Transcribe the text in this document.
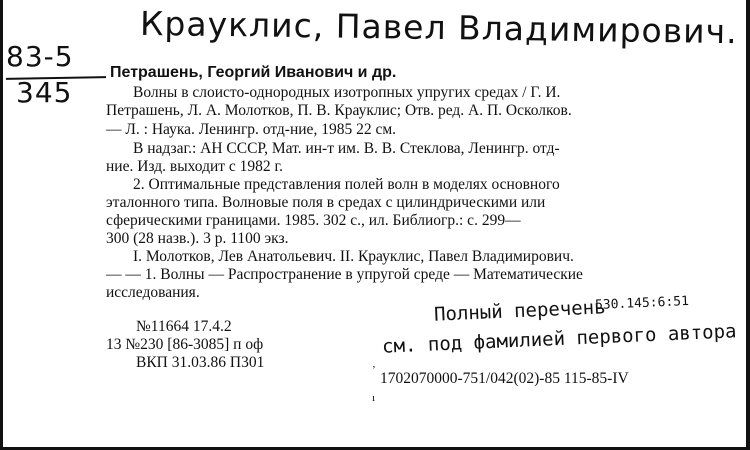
Крауклис, Павел Владимирович.
83-5
345
Петрашень, Георгий Иванович и др.
Волны в слоисто-однородных изотропных упругих средах / Г. И.
Петрашень, Л. А. Молотков, П. В. Крауклис; Отв. ред. А. П. Осколков.
— Л. : Наука. Ленингр. отд-ние, 1985 22 см.
В надзаг.: АН СССР, Мат. ин-т им. В. В. Стеклова, Ленингр. отд-
ние. Изд. выходит с 1982 г.
2. Оптимальные представления полей волн в моделях основного
эталонного типа. Волновые поля в средах с цилиндрическими или
сферическими границами. 1985. 302 с., ил. Библиогр.: с. 299—
300 (28 назв.). 3 р. 1100 экз.
I. Молотков, Лев Анатольевич. II. Крауклис, Павел Владимирович.
— — 1. Волны — Распространение в упругой среде — Математические
исследования.
№11664 17.4.2
13 №230 [86-3085] п оф
ВКП 31.03.86 П301
Полный перечень
530.145:6:51
см. под фамилией первого автора
ʼ 1702070000-751/042(02)-85 115-85-IV
ı
